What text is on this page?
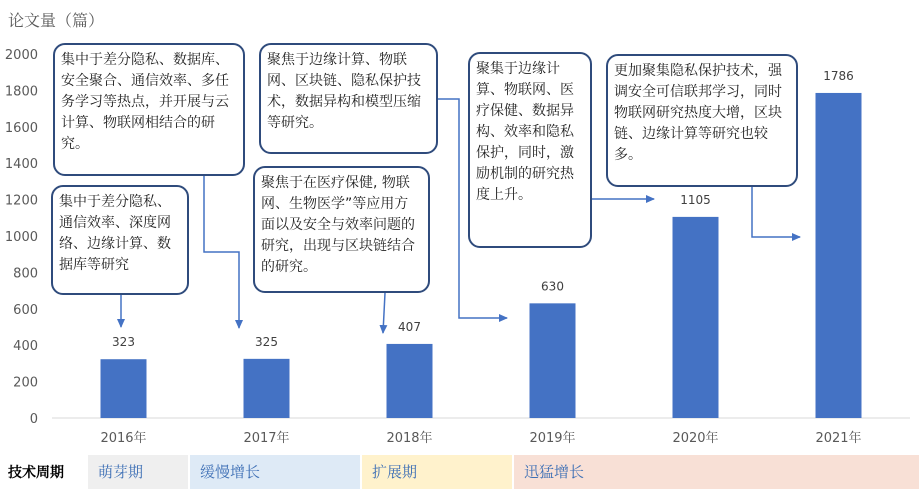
论文量（篇）
0
200
400
600
800
1000
1200
1400
1600
1800
2000
323
2016年
325
2017年
407
2018年
630
2019年
1105
2020年
1786
2021年
集中于差分隐私、通信效率、深度网络、边缘计算、数据库等研究
集中于差分隐私、数据库、安全聚合、通信效率、多任务学习等热点，并开展与云计算、物联网相结合的研究。
聚焦于边缘计算、物联网、区块链、隐私保护技术，数据异构和模型压缩等研究。
聚焦于在医疗保健, 物联网、生物医学”等应用方面以及安全与效率问题的研究，出现与区块链结合的研究。
聚集于边缘计算、物联网、医疗保健、数据异构、效率和隐私保护，同时，激励机制的研究热度上升。
更加聚集隐私保护技术，强调安全可信联邦学习，同时物联网研究热度大增，区块链、边缘计算等研究也较多。
技术周期	萌芽期	缓慢增长	扩展期	迅猛增长
